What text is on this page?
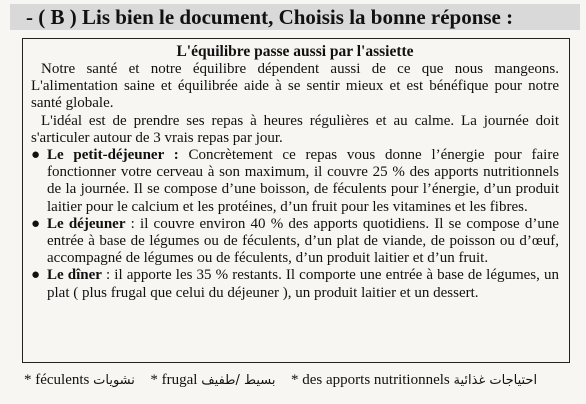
- ( B ) Lis bien le document, Choisis la bonne réponse :
L'équilibre passe aussi par l'assiette

Notre santé et notre équilibre dépendent aussi de ce que nous mangeons. L'alimentation saine et équilibrée aide à se sentir mieux et est bénéfique pour notre santé globale.

L'idéal est de prendre ses repas à heures régulières et au calme. La journée doit s'articuler autour de 3 vrais repas par jour.

● Le petit-déjeuner : Concrètement ce repas vous donne l’énergie pour faire fonctionner votre cerveau à son maximum, il couvre 25 % des apports nutritionnels de la journée. Il se compose d’une boisson, de féculents pour l’énergie, d’un produit laitier pour le calcium et les protéines, d’un fruit pour les vitamines et les fibres.
● Le déjeuner : il couvre environ 40 % des apports quotidiens. Il se compose d’une entrée à base de légumes ou de féculents, d’un plat de viande, de poisson ou d’œuf, accompagné de légumes ou de féculents, d’un produit laitier et d’un fruit.
● Le dîner : il apporte les 35 % restants. Il comporte une entrée à base de légumes, un plat ( plus frugal que celui du déjeuner ), un produit laitier et un dessert.
* féculents نشويات * frugal بسيط /طفيف * des apports nutritionnels احتياجات غذائية
